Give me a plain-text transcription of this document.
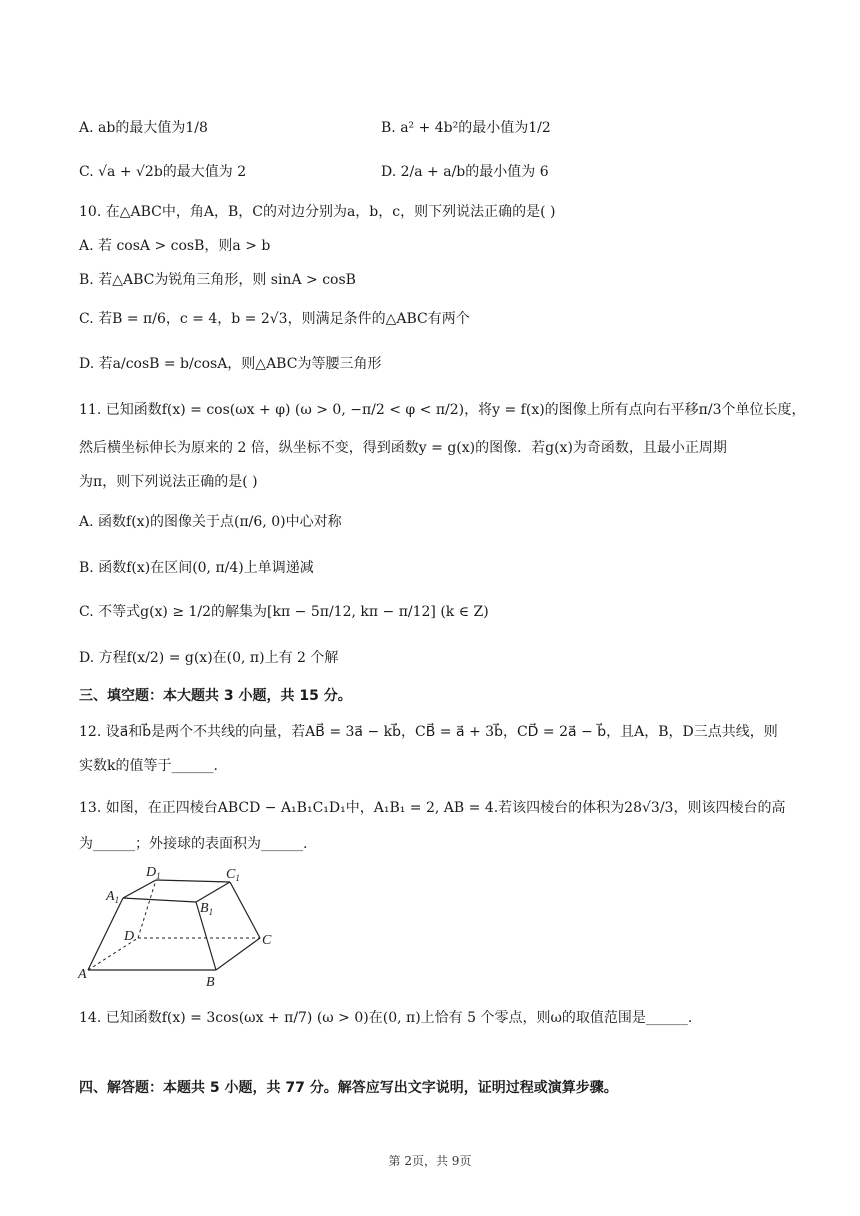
A. ab的最大值为1/8	B. a² + 4b²的最小值为1/2
C. √a + √2b的最大值为 2	D. 2/a + a/b的最小值为 6
10. 在△ABC中，角A，B，C的对边分别为a，b，c，则下列说法正确的是( )
A. 若 cosA > cosB，则a > b
B. 若△ABC为锐角三角形，则 sinA > cosB
C. 若B = π/6，c = 4，b = 2√3，则满足条件的△ABC有两个
D. 若a/cosB = b/cosA，则△ABC为等腰三角形
11. 已知函数f(x) = cos(ωx + φ) (ω > 0, −π/2 < φ < π/2)，将y = f(x)的图像上所有点向右平移π/3个单位长度，
然后横坐标伸长为原来的 2 倍，纵坐标不变，得到函数y = g(x)的图像．若g(x)为奇函数，且最小正周期
为π，则下列说法正确的是( )
A. 函数f(x)的图像关于点(π/6, 0)中心对称
B. 函数f(x)在区间(0, π/4)上单调递减
C. 不等式g(x) ≥ 1/2的解集为[kπ − 5π/12, kπ − π/12] (k ∈ Z)
D. 方程f(x/2) = g(x)在(0, π)上有 2 个解
三、填空题：本大题共 3 小题，共 15 分。
12. 设a⃗和b⃗是两个不共线的向量，若AB⃗ = 3a⃗ − kb⃗，CB⃗ = a⃗ + 3b⃗，CD⃗ = 2a⃗ − b⃗，且A，B，D三点共线，则
实数k的值等于______.
13. 如图，在正四棱台ABCD − A₁B₁C₁D₁中，A₁B₁ = 2, AB = 4.若该四棱台的体积为28√3/3，则该四棱台的高
为______；外接球的表面积为______.
$D_1$	$C_1$
$A_1$
$B_1$
D	C
A
B
14. 已知函数f(x) = 3cos(ωx + π/7) (ω > 0)在(0, π)上恰有 5 个零点，则ω的取值范围是______.
四、解答题：本题共 5 小题，共 77 分。解答应写出文字说明，证明过程或演算步骤。
第 2页，共 9页
